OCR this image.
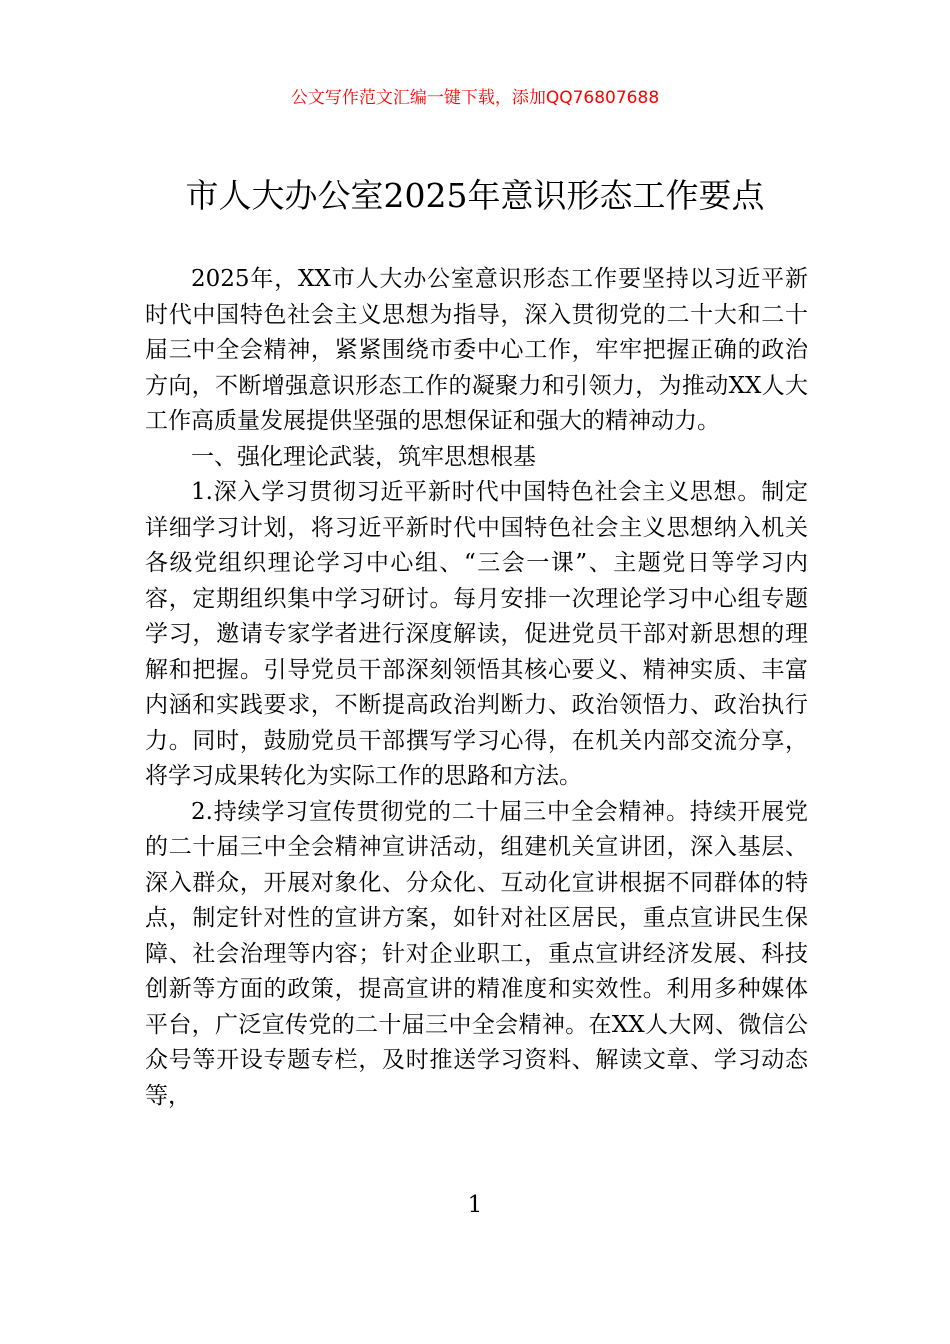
公文写作范文汇编一键下载，添加QQ76807688
市人大办公室2025年意识形态工作要点

2025年，XX市人大办公室意识形态工作要坚持以习近平新时代中国特色社会主义思想为指导，深入贯彻党的二十大和二十届三中全会精神，紧紧围绕市委中心工作，牢牢把握正确的政治方向，不断增强意识形态工作的凝聚力和引领力，为推动XX人大工作高质量发展提供坚强的思想保证和强大的精神动力。

一、强化理论武装，筑牢思想根基

1.深入学习贯彻习近平新时代中国特色社会主义思想。制定详细学习计划，将习近平新时代中国特色社会主义思想纳入机关各级党组织理论学习中心组、“三会一课”、主题党日等学习内容，定期组织集中学习研讨。每月安排一次理论学习中心组专题学习，邀请专家学者进行深度解读，促进党员干部对新思想的理解和把握。引导党员干部深刻领悟其核心要义、精神实质、丰富内涵和实践要求，不断提高政治判断力、政治领悟力、政治执行力。同时，鼓励党员干部撰写学习心得，在机关内部交流分享，将学习成果转化为实际工作的思路和方法。

2.持续学习宣传贯彻党的二十届三中全会精神。持续开展党的二十届三中全会精神宣讲活动，组建机关宣讲团，深入基层、深入群众，开展对象化、分众化、互动化宣讲根据不同群体的特点，制定针对性的宣讲方案，如针对社区居民，重点宣讲民生保障、社会治理等内容；针对企业职工，重点宣讲经济发展、科技创新等方面的政策，提高宣讲的精准度和实效性。利用多种媒体平台，广泛宣传党的二十届三中全会精神。在XX人大网、微信公众号等开设专题专栏，及时推送学习资料、解读文章、学习动态等，

1
